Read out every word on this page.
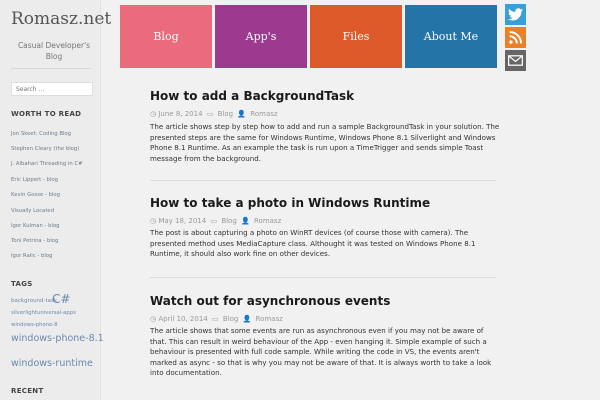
Romasz.net
Casual Developer's Blog
Search ...
WORTH TO READ
Jon Skeet: Coding Blog
Stephen Cleary (the blog)
J. Albahari Threading in C#
Eric Lippert - blog
Kevin Gosse - blog
Visually Located
Igor Kulman - blog
Toni Petrina - blog
Igor Ralic - blog
TAGS
background-task
C#
silverlight universal-apps
windows-phone-8
windows-phone-8.1
windows-runtime
RECENT
Blog	App's	Files	About Me
How to add a BackgroundTask
◷ June 8, 2014 ▭ Blog 👤 Romasz
The article shows step by step how to add and run a sample BackgroundTask in your solution. The presented steps are the same for Windows Runtime, Windows Phone 8.1 Silverlight and Windows Phone 8.1 Runtime. As an example the task is run upon a TimeTrigger and sends simple Toast message from the background.
How to take a photo in Windows Runtime
◷ May 18, 2014 ▭ Blog 👤 Romasz
The post is about capturing a photo on WinRT devices (of course those with camera). The presented method uses MediaCapture class. Althought it was tested on Windows Phone 8.1 Runtime, it should also work fine on other devices.
Watch out for asynchronous events
◷ April 10, 2014 ▭ Blog 👤 Romasz
The article shows that some events are run as asynchronous even if you may not be aware of that. This can result in weird behaviour of the App - even hanging it. Simple example of such a behaviour is presented with full code sample. While writing the code in VS, the events aren't marked as async - so that is why you may not be aware of that. It is always worth to take a look into documentation.
